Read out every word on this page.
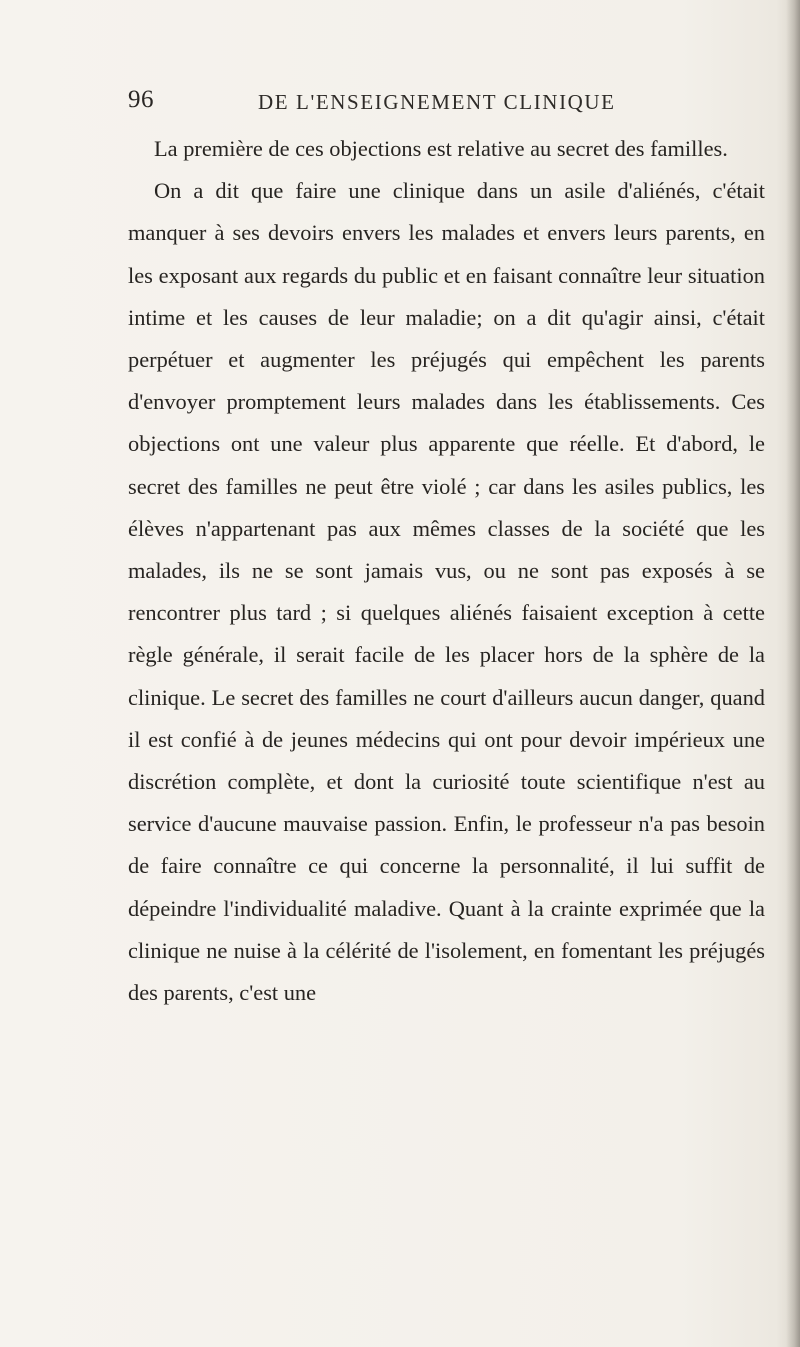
96	DE L'ENSEIGNEMENT CLINIQUE

La première de ces objections est relative au secret des familles.

On a dit que faire une clinique dans un asile d'aliénés, c'était manquer à ses devoirs envers les malades et envers leurs parents, en les exposant aux regards du public et en faisant connaître leur situation intime et les causes de leur maladie; on a dit qu'agir ainsi, c'était perpétuer et augmenter les préjugés qui empêchent les parents d'envoyer promptement leurs malades dans les établissements. Ces objections ont une valeur plus apparente que réelle. Et d'abord, le secret des familles ne peut être violé ; car dans les asiles publics, les élèves n'appartenant pas aux mêmes classes de la société que les malades, ils ne se sont jamais vus, ou ne sont pas exposés à se rencontrer plus tard ; si quelques aliénés faisaient exception à cette règle générale, il serait facile de les placer hors de la sphère de la clinique. Le secret des familles ne court d'ailleurs aucun danger, quand il est confié à de jeunes médecins qui ont pour devoir impérieux une discrétion complète, et dont la curiosité toute scientifique n'est au service d'aucune mauvaise passion. Enfin, le professeur n'a pas besoin de faire connaître ce qui concerne la personnalité, il lui suffit de dépeindre l'individualité maladive. Quant à la crainte exprimée que la clinique ne nuise à la célérité de l'isolement, en fomentant les préjugés des parents, c'est une
